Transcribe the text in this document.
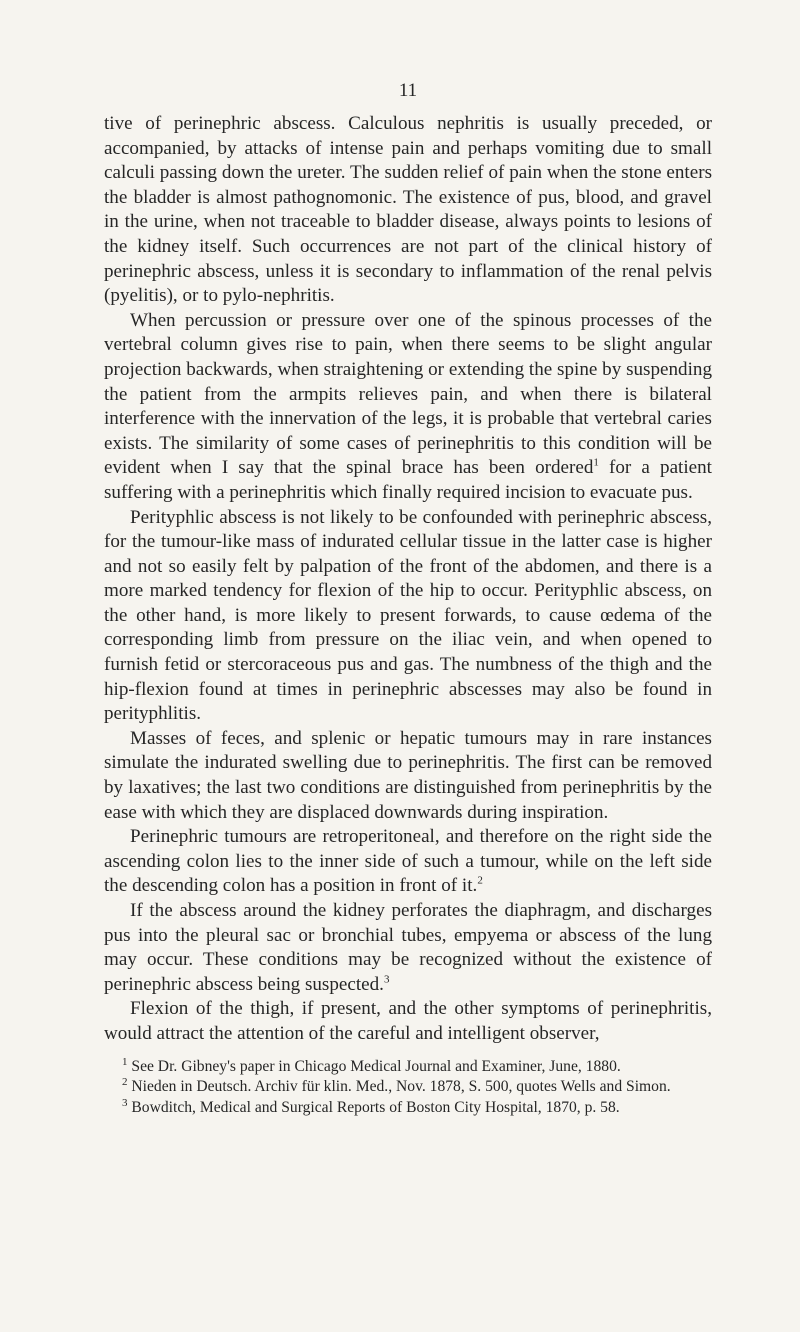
11

tive of perinephric abscess. Calculous nephritis is usually preceded, or accompanied, by attacks of intense pain and perhaps vomiting due to small calculi passing down the ureter. The sudden relief of pain when the stone enters the bladder is almost pathognomonic. The existence of pus, blood, and gravel in the urine, when not traceable to bladder disease, always points to lesions of the kidney itself. Such occurrences are not part of the clinical history of perinephric abscess, unless it is secondary to inflammation of the renal pelvis (pyelitis), or to pylo-nephritis.

When percussion or pressure over one of the spinous processes of the vertebral column gives rise to pain, when there seems to be slight angular projection backwards, when straightening or extending the spine by suspending the patient from the armpits relieves pain, and when there is bilateral interference with the innervation of the legs, it is probable that vertebral caries exists. The similarity of some cases of perinephritis to this condition will be evident when I say that the spinal brace has been ordered$^1$ for a patient suffering with a perinephritis which finally required incision to evacuate pus.

Perityphlic abscess is not likely to be confounded with perinephric abscess, for the tumour-like mass of indurated cellular tissue in the latter case is higher and not so easily felt by palpation of the front of the abdomen, and there is a more marked tendency for flexion of the hip to occur. Perityphlic abscess, on the other hand, is more likely to present forwards, to cause œdema of the corresponding limb from pressure on the iliac vein, and when opened to furnish fetid or stercoraceous pus and gas. The numbness of the thigh and the hip-flexion found at times in perinephric abscesses may also be found in perityphlitis.

Masses of feces, and splenic or hepatic tumours may in rare instances simulate the indurated swelling due to perinephritis. The first can be removed by laxatives; the last two conditions are distinguished from perinephritis by the ease with which they are displaced downwards during inspiration.

Perinephric tumours are retroperitoneal, and therefore on the right side the ascending colon lies to the inner side of such a tumour, while on the left side the descending colon has a position in front of it.$^2$

If the abscess around the kidney perforates the diaphragm, and discharges pus into the pleural sac or bronchial tubes, empyema or abscess of the lung may occur. These conditions may be recognized without the existence of perinephric abscess being suspected.$^3$

Flexion of the thigh, if present, and the other symptoms of perinephritis, would attract the attention of the careful and intelligent observer,

$^1$ See Dr. Gibney's paper in Chicago Medical Journal and Examiner, June, 1880.

$^2$ Nieden in Deutsch. Archiv für klin. Med., Nov. 1878, S. 500, quotes Wells and Simon.

$^3$ Bowditch, Medical and Surgical Reports of Boston City Hospital, 1870, p. 58.
